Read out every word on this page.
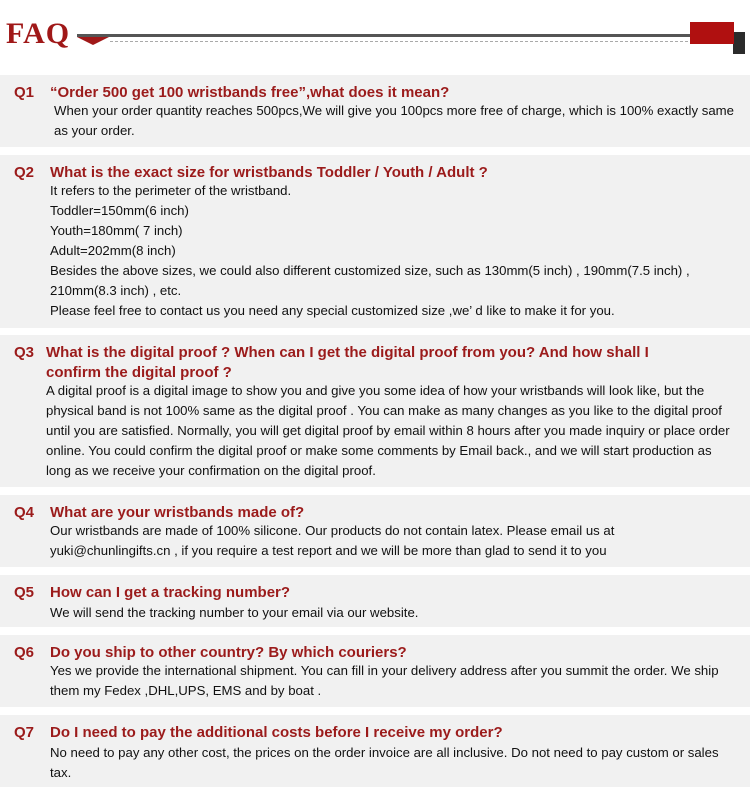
FAQ
Q1 “Order 500 get 100 wristbands free”,what does it mean?

When your order quantity reaches 500pcs,We will give you 100pcs more free of charge, which is 100% exactly same as your order.

Q2 What is the exact size for wristbands Toddler / Youth / Adult ?

It refers to the perimeter of the wristband.

Toddler=150mm(6 inch)

Youth=180mm( 7 inch)

Adult=202mm(8 inch)

Besides the above sizes, we could also different customized size, such as 130mm(5 inch) , 190mm(7.5 inch) , 210mm(8.3 inch) , etc.

Please feel free to contact us you need any special customized size ,we’ d like to make it for you.

Q3 What is the digital proof ? When can I get the digital proof from you? And how shall I confirm the digital proof ?

A digital proof is a digital image to show you and give you some idea of how your wristbands will look like, but the physical band is not 100% same as the digital proof . You can make as many changes as you like to the digital proof until you are satisfied. Normally, you will get digital proof by email within 8 hours after you made inquiry or place order online. You could confirm the digital proof or make some comments by Email back., and we will start production as long as we receive your confirmation on the digital proof.

Q4 What are your wristbands made of?

Our wristbands are made of 100% silicone. Our products do not contain latex. Please email us at yuki@chunlingifts.cn , if you require a test report and we will be more than glad to send it to you

Q5 How can I get a tracking number?

We will send the tracking number to your email via our website.

Q6 Do you ship to other country? By which couriers?

Yes we provide the international shipment. You can fill in your delivery address after you summit the order. We ship them my Fedex ,DHL,UPS, EMS and by boat .

Q7 Do I need to pay the additional costs before I receive my order?

No need to pay any other cost, the prices on the order invoice are all inclusive. Do not need to pay custom or sales tax.
